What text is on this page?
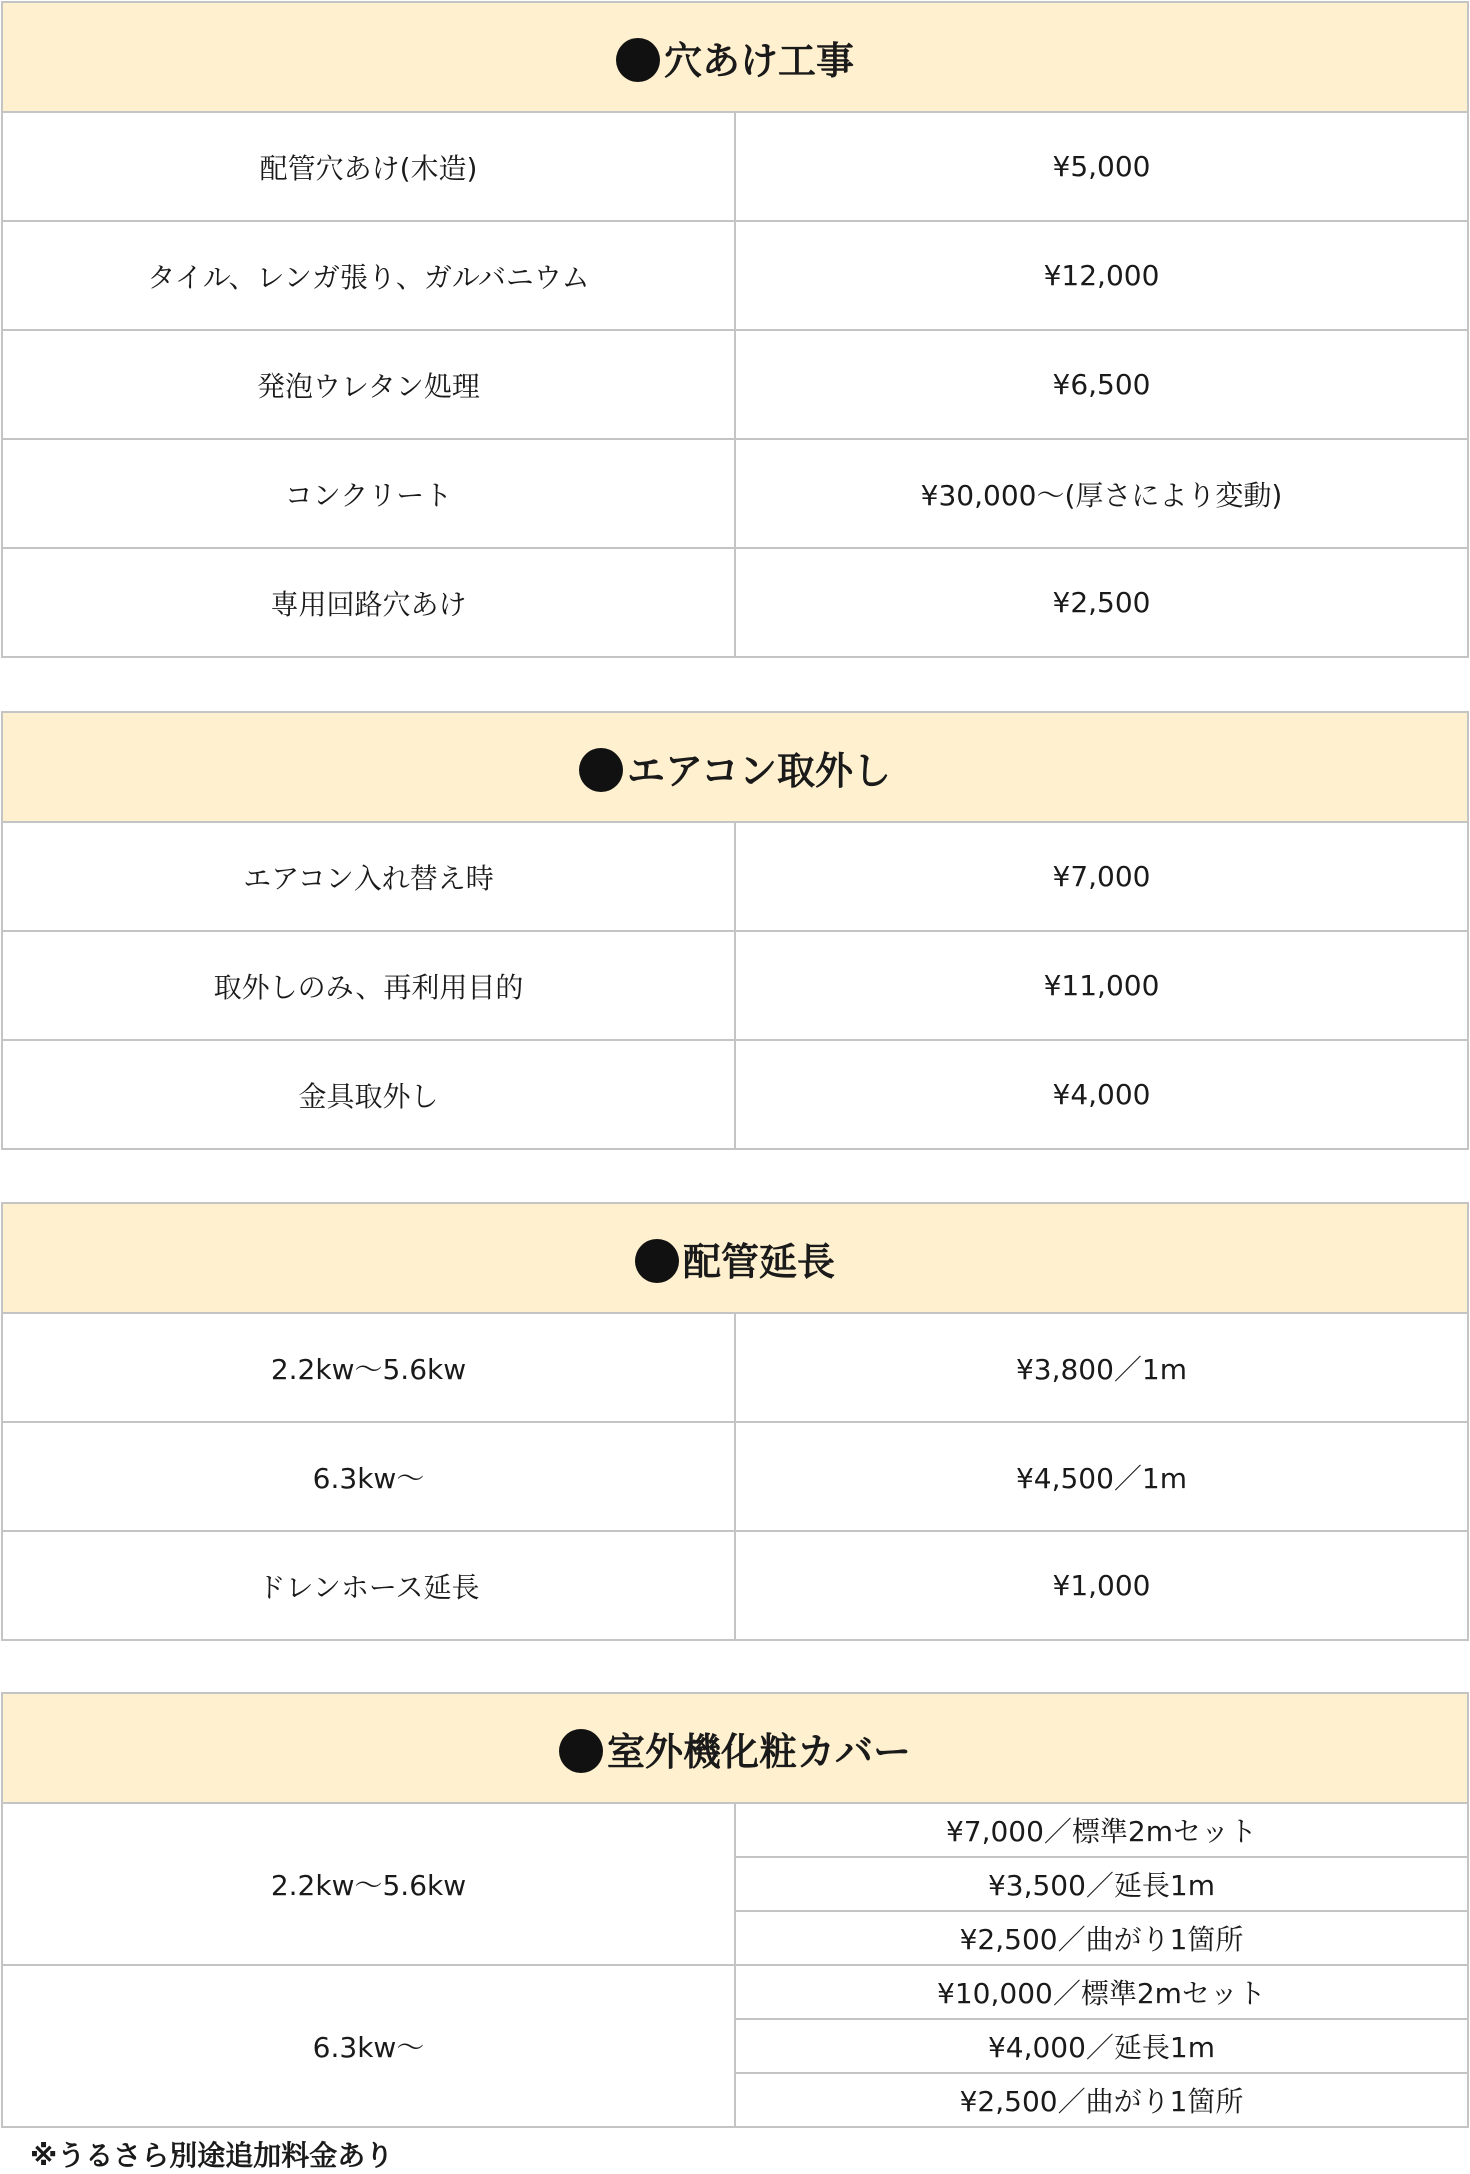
穴あけ工事	
配管穴あけ(木造)	¥5,000
タイル、レンガ張り、ガルバニウム	¥12,000
発泡ウレタン処理	¥6,500
コンクリート	¥30,000〜(厚さにより変動)
専用回路穴あけ	¥2,500
エアコン取外し	
エアコン入れ替え時	¥7,000
取外しのみ、再利用目的	¥11,000
金具取外し	¥4,000
配管延長	
2.2kw〜5.6kw	¥3,800／1m
6.3kw〜	¥4,500／1m
ドレンホース延長	¥1,000
室外機化粧カバー	
2.2kw〜5.6kw	¥7,000／標準2mセット
	¥3,500／延長1m
	¥2,500／曲がり1箇所
6.3kw〜	¥10,000／標準2mセット
	¥4,000／延長1m
	¥2,500／曲がり1箇所
※うるさら別途追加料金あり
